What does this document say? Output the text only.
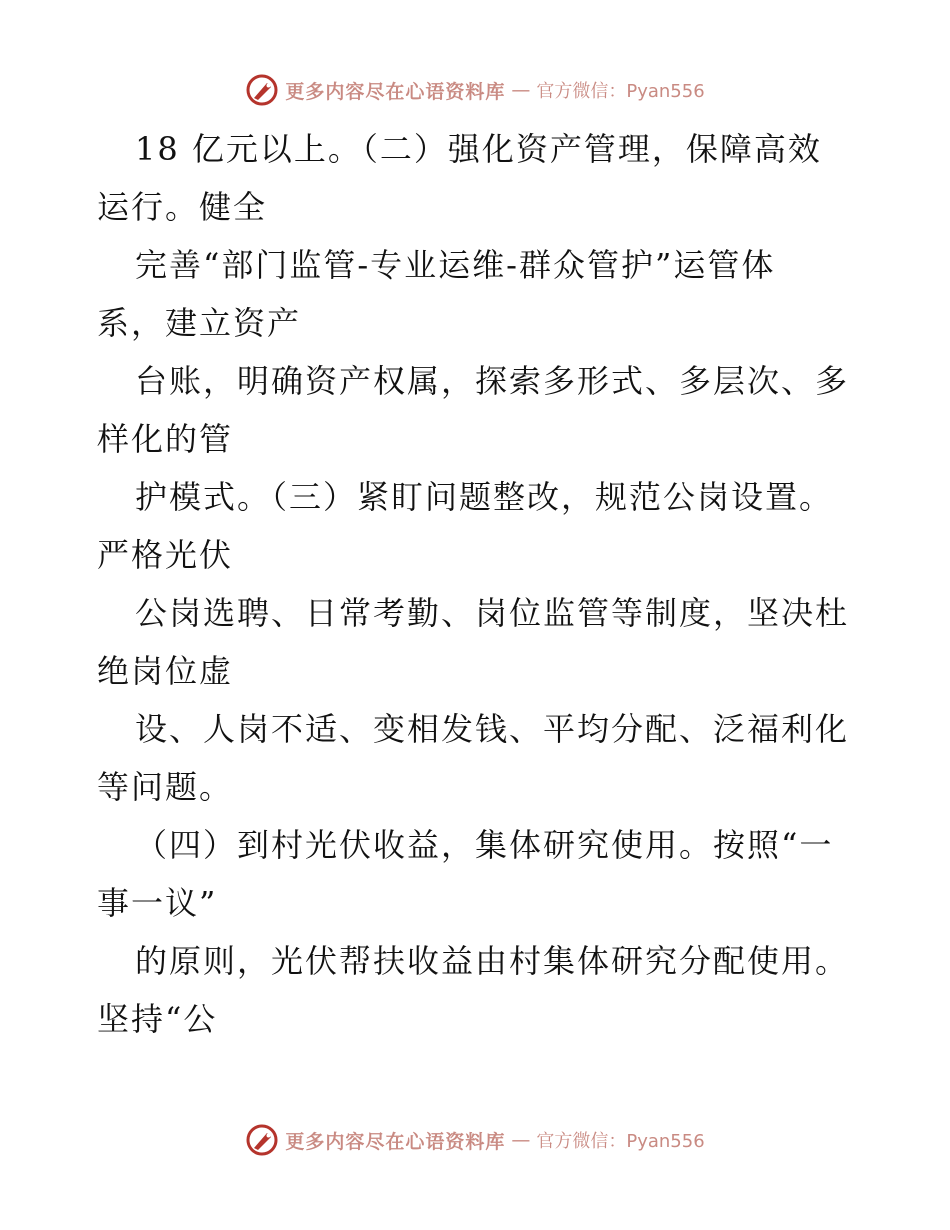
更多内容尽在心语资料库 — 官方微信：Pyan556
18 亿元以上。（二）强化资产管理，保障高效
运行。健全
完善“部门监管-专业运维-群众管护”运管体
系，建立资产
台账，明确资产权属，探索多形式、多层次、多
样化的管
护模式。（三）紧盯问题整改，规范公岗设置。
严格光伏
公岗选聘、日常考勤、岗位监管等制度，坚决杜
绝岗位虚
设、人岗不适、变相发钱、平均分配、泛福利化
等问题。
（四）到村光伏收益，集体研究使用。按照“一
事一议”
的原则，光伏帮扶收益由村集体研究分配使用。
坚持“公
更多内容尽在心语资料库 — 官方微信：Pyan556
